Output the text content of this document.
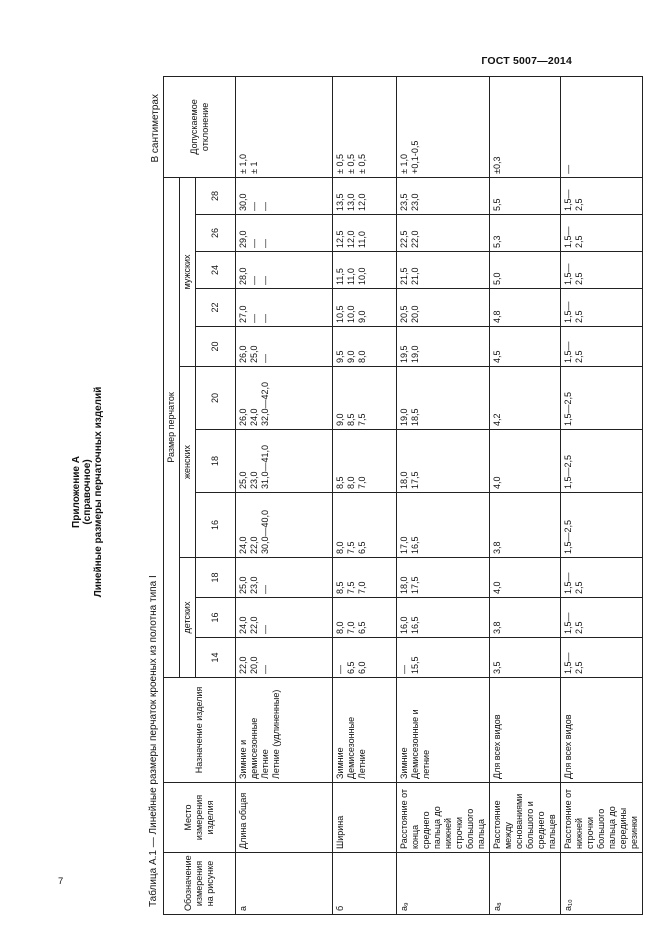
ГОСТ 5007—2014
7
Приложение А (справочное) Линейные размеры перчаточных изделий
Таблица А.1 — Линейные размеры перчаток кроеных из полотна типа I
В сантиметрах
Обозначение измерения на рисунке	Место измерения изделия	Назначение изделия	Размер перчаток											Допускаемое отклонение
			детских			женских			мужских					
			14	16	18	16	18	20	20	22	24	26	28	
а	Длина общая	Зимние и демисезонные Летние Летние (удлиненные)	22,0 20,0 —	24,0 22,0 —	25,0 23,0 —	24,0 22,0 30,0—40,0	25,0 23,0 31,0—41,0	26,0 24,0 32,0—42,0	26,0 25,0 —	27,0 — —	28,0 — —	29,0 — —	30,0 — —	± 1,0 ± 1

б	Ширина	Зимние Демисезонные Летние	— 6,5 6,0	8,0 7,0 6,5	8,5 7,5 7,0	8,0 7,5 6,5	8,5 8,0 7,0	9,0 8,5 7,5	9,5 9,0 8,0	10,5 10,0 9,0	11,5 11,0 10,0	12,5 12,0 11,0	13,5 13,0 12,0	± 0,5 ± 0,5 ± 0,5

а₉	Расстояние от конца среднего пальца до нижней строчки большого пальца	Зимние Демисезонные и летние	— 15,5	16,0 16,5	18,0 17,5	17,0 16,5	18,0 17,5	19,0 18,5	19,5 19,0	20,5 20,0	21,5 21,0	22,5 22,0	23,5 23,0	± 1,0 +0,1-0,5

а₈	Расстояние между основаниями большого и среднего пальцев	Для всех видов	3,5	3,8	4,0	3,8	4,0	4,2	4,5	4,8	5,0	5,3	5,5	±0,3

а₁₀	Расстояние от нижней строчки большого пальца до середины резинки	Для всех видов	1,5— 2,5	1,5— 2,5	1,5— 2,5	1,5—2,5	1,5—2,5	1,5—2,5	1,5— 2,5	1,5— 2,5	1,5— 2,5	1,5— 2,5	1,5— 2,5	—
